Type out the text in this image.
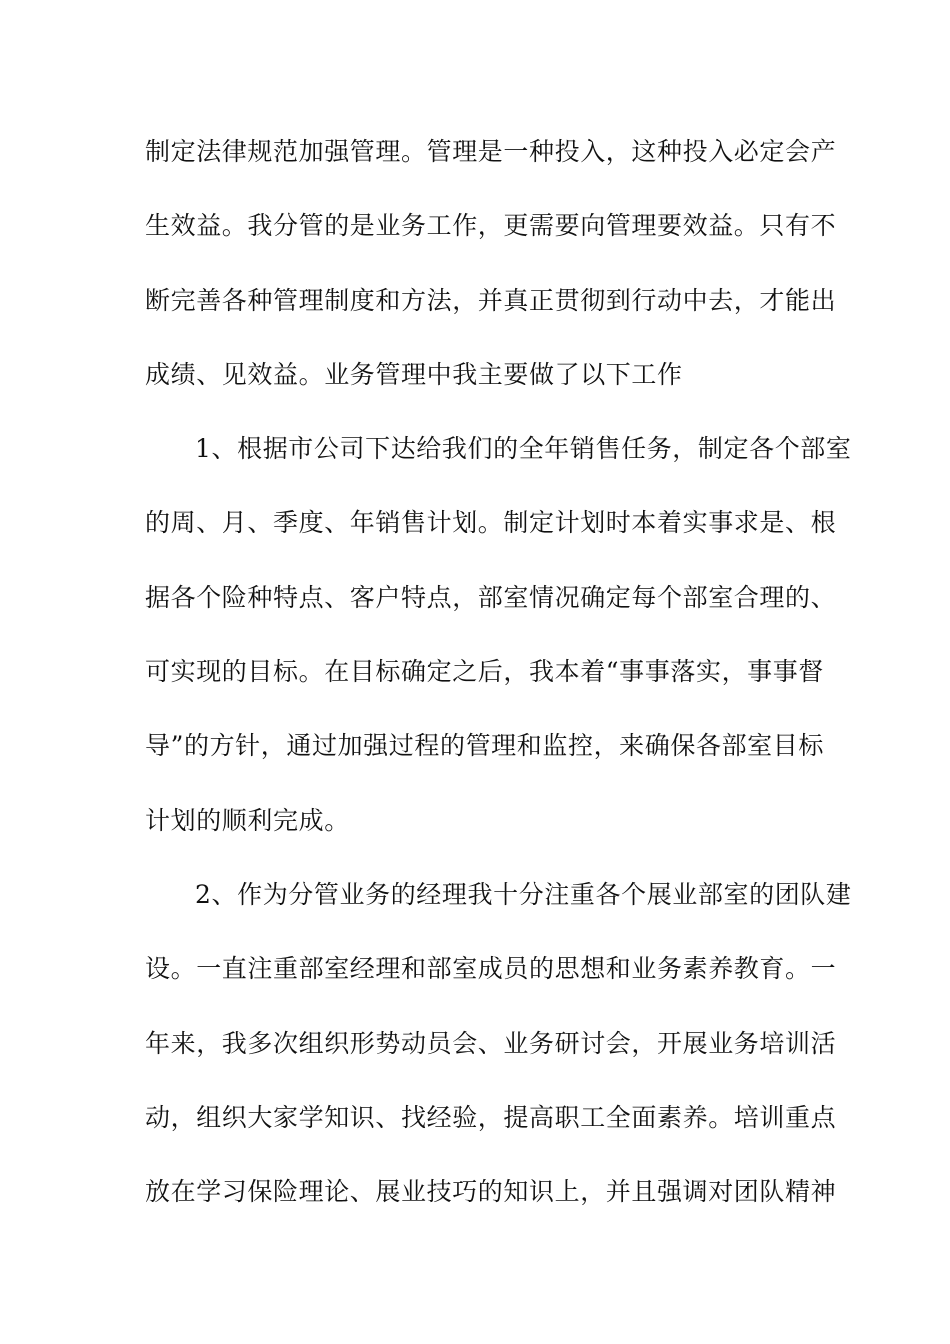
制定法律规范加强管理。管理是一种投入，这种投入必定会产
生效益。我分管的是业务工作，更需要向管理要效益。只有不
断完善各种管理制度和方法，并真正贯彻到行动中去，才能出
成绩、见效益。业务管理中我主要做了以下工作
1、根据市公司下达给我们的全年销售任务，制定各个部室
的周、月、季度、年销售计划。制定计划时本着实事求是、根
据各个险种特点、客户特点，部室情况确定每个部室合理的、
可实现的目标。在目标确定之后，我本着“事事落实，事事督
导”的方针，通过加强过程的管理和监控，来确保各部室目标
计划的顺利完成。
2、作为分管业务的经理我十分注重各个展业部室的团队建
设。一直注重部室经理和部室成员的思想和业务素养教育。一
年来，我多次组织形势动员会、业务研讨会，开展业务培训活
动，组织大家学知识、找经验，提高职工全面素养。培训重点
放在学习保险理论、展业技巧的知识上，并且强调对团队精神
